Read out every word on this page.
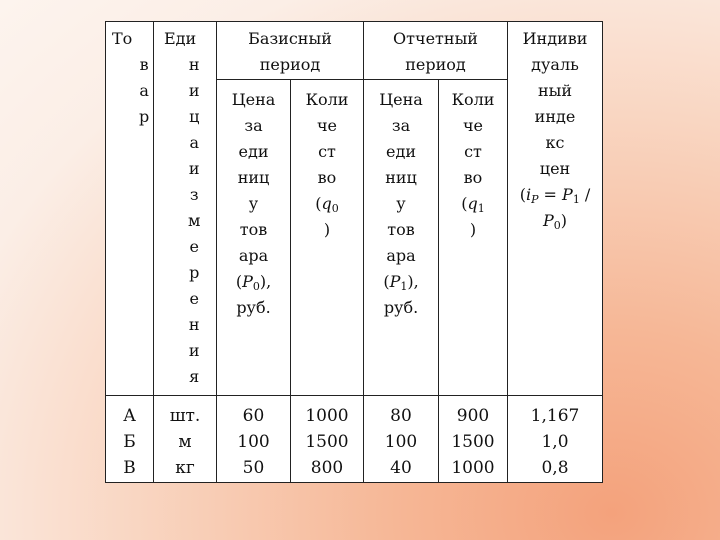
То
в
а
р
Еди
н
и
ц
а
и
з
м
е
р
е
н
и
я
Базисный
период
Отчетный
период
Индиви
дуаль
ный
инде
кс
цен
($i_P = P_1$ /
$P_0$)
Цена
за
еди
ниц
у
тов
ара
$(P_0)$,
руб.
Коли
че
ст
во
($q_0$
)
Цена
за
еди
ниц
у
тов
ара
$(P_1)$,
руб.
Коли
че
ст
во
($q_1$
)
А
Б
В
шт.
м
кг
60
100
50
1000
1500
800
80
100
40
900
1500
1000
1,167
1,0
0,8
